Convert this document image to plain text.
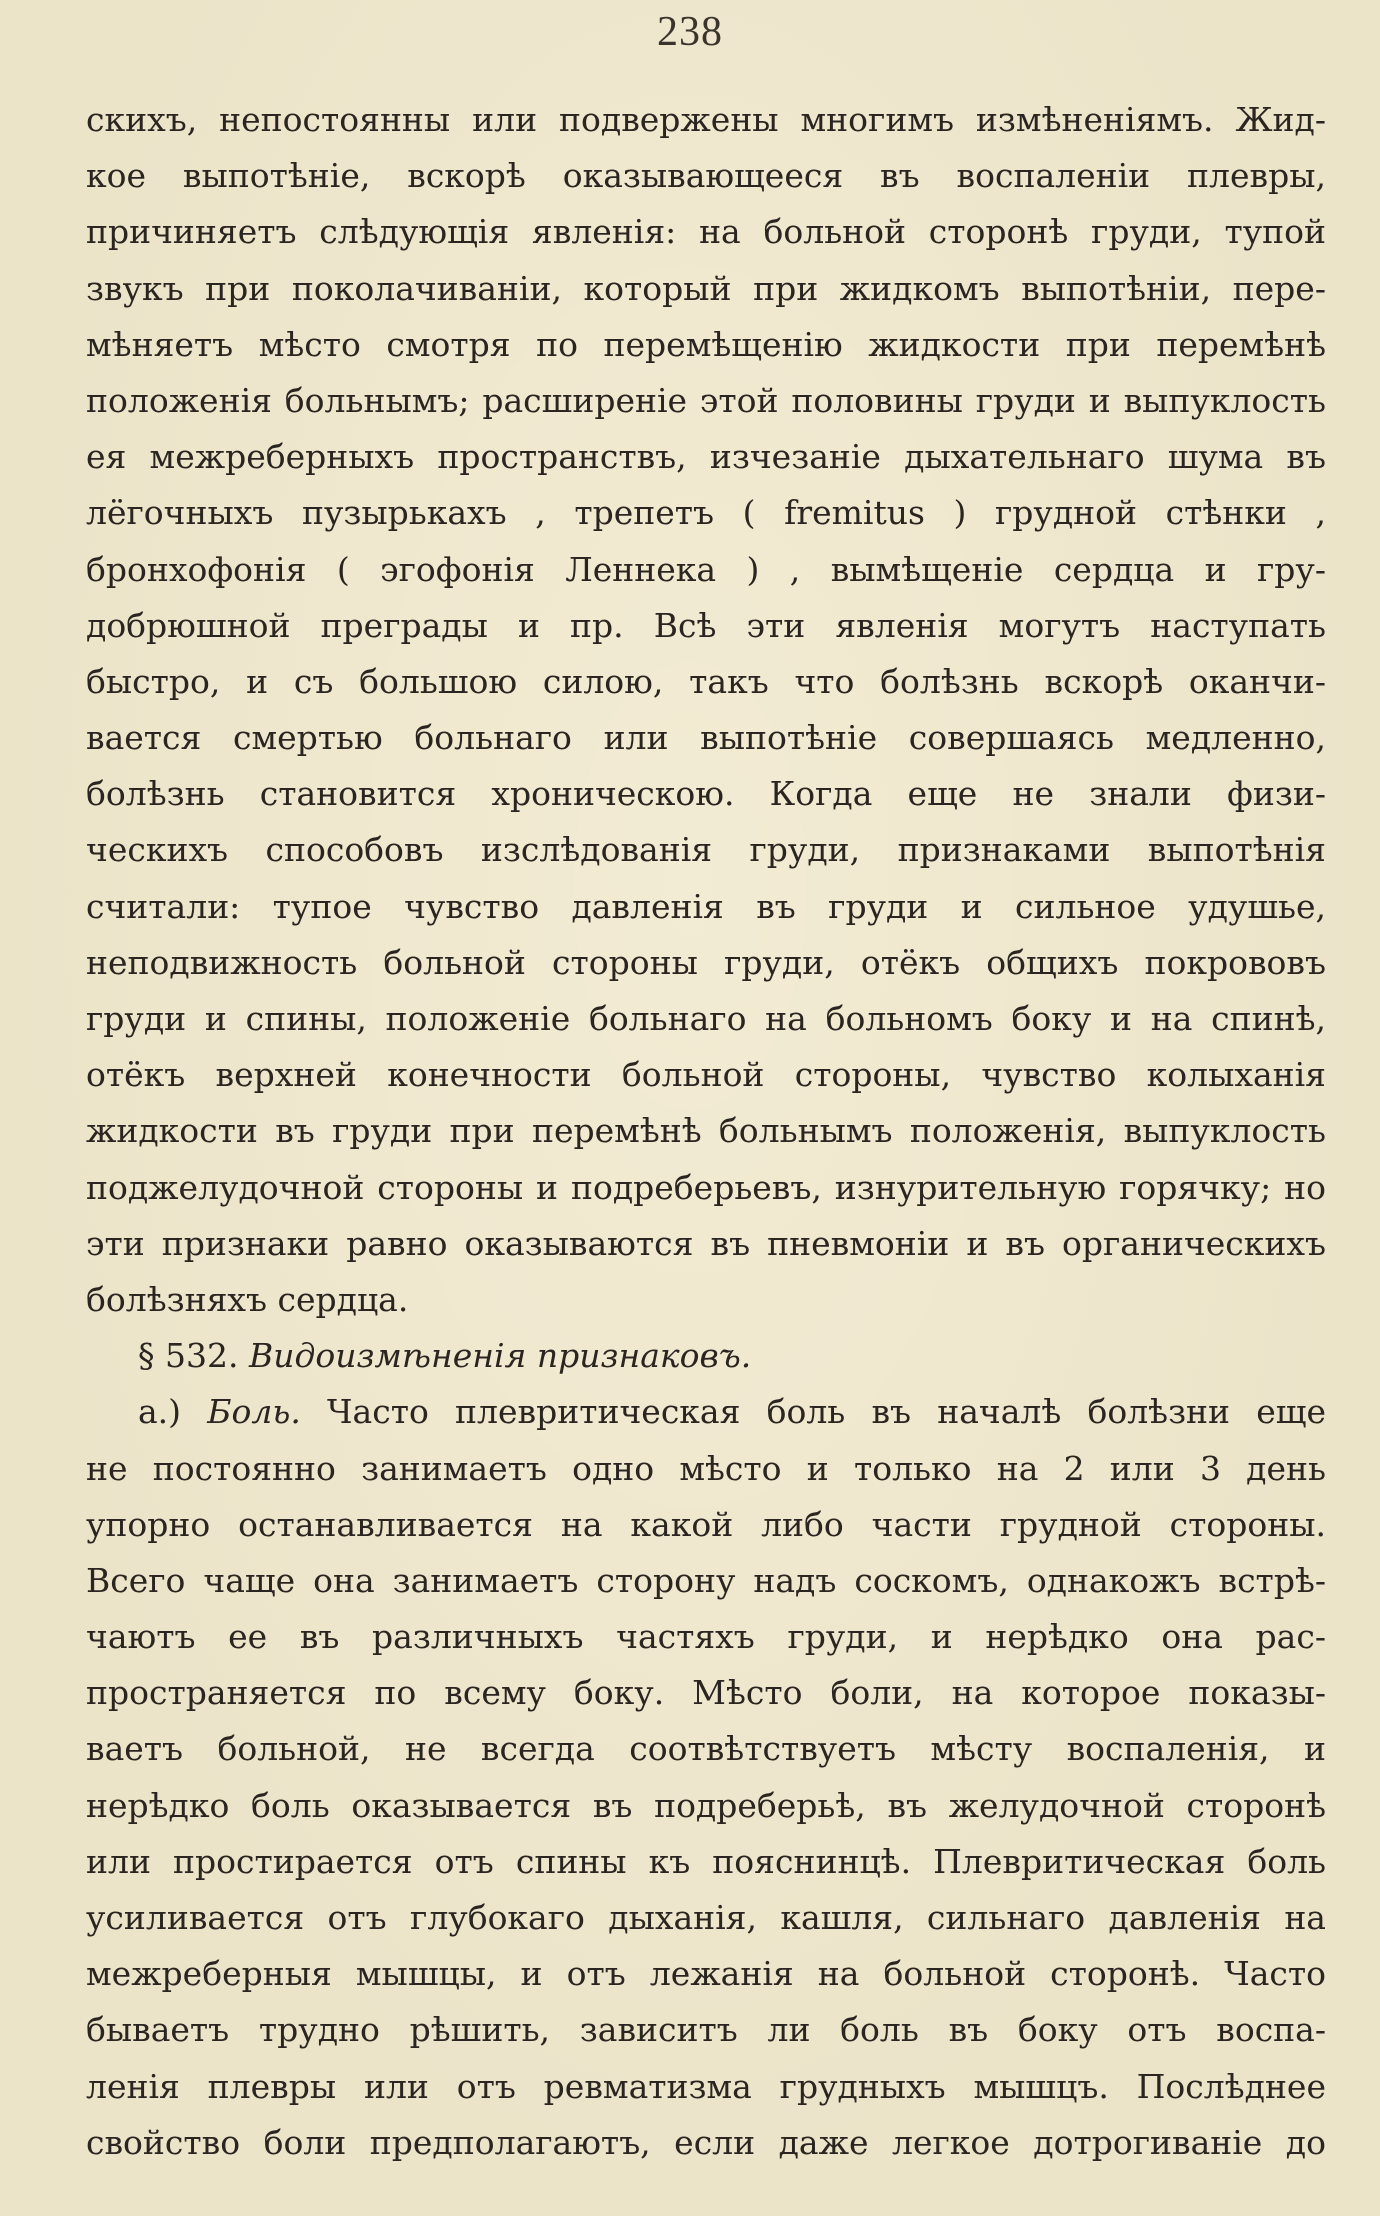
238
скихъ, непостоянны или подвержены многимъ измѣненіямъ. Жид-
кое выпотѣніе, вскорѣ оказывающееся въ воспаленіи плевры,
причиняетъ слѣдующія явленія: на больной сторонѣ груди, тупой
звукъ при поколачиваніи, который при жидкомъ выпотѣніи, пере-
мѣняетъ мѣсто смотря по перемѣщенію жидкости при перемѣнѣ
положенія больнымъ; расширеніе этой половины груди и выпуклость
ея межреберныхъ пространствъ, изчезаніе дыхательнаго шума въ
лёгочныхъ пузырькахъ , трепетъ ( fremitus ) грудной стѣнки ,
бронхофонія ( эгофонія Леннека ) , вымѣщеніе сердца и гру-
добрюшной преграды и пр. Всѣ эти явленія могутъ наступать
быстро, и съ большою силою, такъ что болѣзнь вскорѣ оканчи-
вается смертью больнаго или выпотѣніе совершаясь медленно,
болѣзнь становится хроническою. Когда еще не знали физи-
ческихъ способовъ изслѣдованія груди, признаками выпотѣнія
считали: тупое чувство давленія въ груди и сильное удушье,
неподвижность больной стороны груди, отёкъ общихъ покрововъ
груди и спины, положеніе больнаго на больномъ боку и на спинѣ,
отёкъ верхней конечности больной стороны, чувство колыханія
жидкости въ груди при перемѣнѣ больнымъ положенія, выпуклость
поджелудочной стороны и подреберьевъ, изнурительную горячку; но
эти признаки равно оказываются въ пневмоніи и въ органическихъ
болѣзняхъ сердца.
§ 532. Видоизмѣненія признаковъ.
a.) Боль. Часто плевритическая боль въ началѣ болѣзни еще
не постоянно занимаетъ одно мѣсто и только на 2 или 3 день
упорно останавливается на какой либо части грудной стороны.
Всего чаще она занимаетъ сторону надъ соскомъ, однакожъ встрѣ-
чаютъ ее въ различныхъ частяхъ груди, и нерѣдко она рас-
пространяется по всему боку. Мѣсто боли, на которое показы-
ваетъ больной, не всегда соотвѣтствуетъ мѣсту воспаленія, и
нерѣдко боль оказывается въ подреберьѣ, въ желудочной сторонѣ
или простирается отъ спины къ пояснинцѣ. Плевритическая боль
усиливается отъ глубокаго дыханія, кашля, сильнаго давленія на
межреберныя мышцы, и отъ лежанія на больной сторонѣ. Часто
бываетъ трудно рѣшить, зависитъ ли боль въ боку отъ воспа-
ленія плевры или отъ ревматизма грудныхъ мышцъ. Послѣднее
свойство боли предполагаютъ, если даже легкое дотрогиваніе до
